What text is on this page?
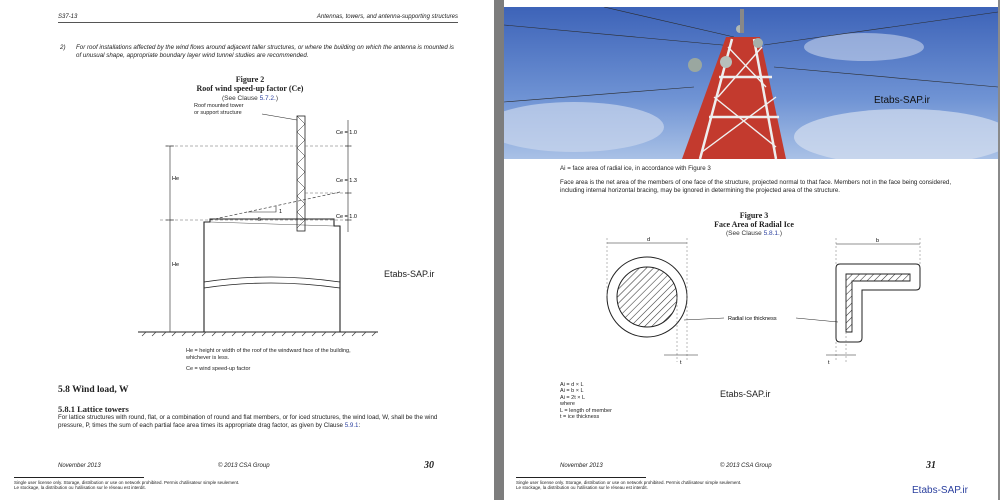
S37-13	Antennas, towers, and antenna-supporting structures
2) For roof installations affected by the wind flows around adjacent taller structures, or where the building on which the antenna is mounted is of unusual shape, appropriate boundary layer wind tunnel studies are recommended.
Figure 2
Roof wind speed-up factor (Ce)
(See Clause 5.7.2.)
1
5
Ce = 1.0
Ce = 1.3
Ce = 1.0
He
He
Roof mounted tower
or support structure
He = height or width of the roof of the windward face of the building, whichever is less.
Ce = wind speed-up factor
Etabs-SAP.ir
5.8 Wind load, W
5.8.1 Lattice towers
For lattice structures with round, flat, or a combination of round and flat members, or for iced structures, the wind load, W, shall be the wind pressure, P, times the sum of each partial face area times its appropriate drag factor, as given by Clause 5.9.1:
November 2013	© 2013 CSA Group	30
Single user license only. Storage, distribution or use on network prohibited. Permis d'utilisateur simple seulement.
Le stockage, la distribution ou l'utilisation sur le réseau est interdit.
Etabs-SAP.ir
Ai = face area of radial ice, in accordance with Figure 3
Face area is the net area of the members of one face of the structure, projected normal to that face. Members not in the face being considered, including internal horizontal bracing, may be ignored in determining the projected area of the structure.
Figure 3
Face Area of Radial Ice
(See Clause 5.8.1.)
d
t
b
t
Radial ice thickness
Ai = d × L
Ai = b × L
Ai = 2t × L
where
L = length of member
t = ice thickness
Etabs-SAP.ir
November 2013	© 2013 CSA Group	31
Single user license only. Storage, distribution or use on network prohibited. Permis d'utilisateur simple seulement.
Le stockage, la distribution ou l'utilisation sur le réseau est interdit.	Etabs-SAP.ir
